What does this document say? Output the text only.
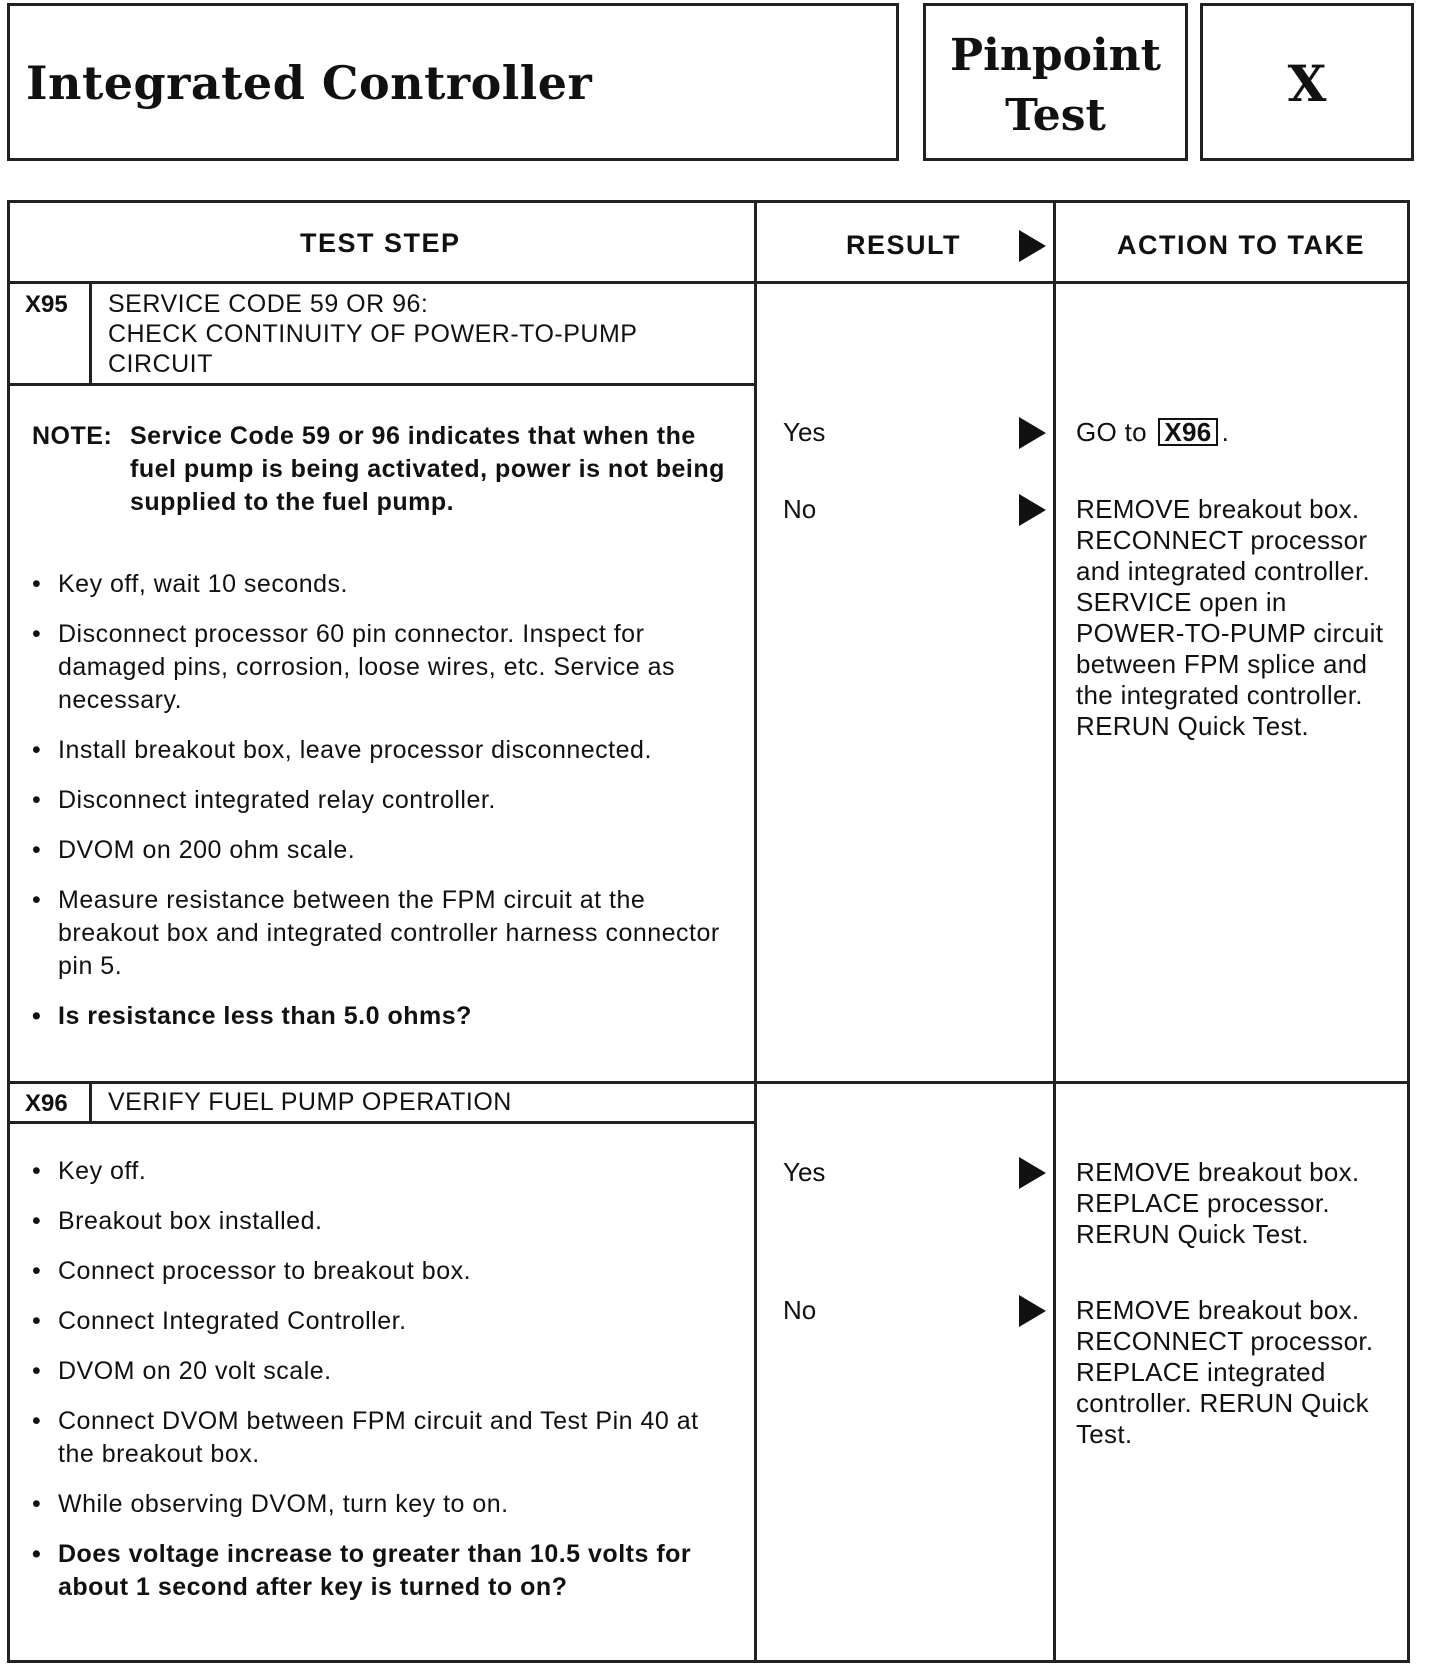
Integrated Controller
Pinpoint
Test
X
TEST STEP	RESULT	ACTION TO TAKE
X95 SERVICE CODE 59 OR 96:
CHECK CONTINUITY OF POWER-TO-PUMP
CIRCUIT
NOTE: Service Code 59 or 96 indicates that when the fuel pump is being activated, power is not being supplied to the fuel pump.
• Key off, wait 10 seconds.
• Disconnect processor 60 pin connector. Inspect for damaged pins, corrosion, loose wires, etc. Service as necessary.
• Install breakout box, leave processor disconnected.
• Disconnect integrated relay controller.
• DVOM on 200 ohm scale.
• Measure resistance between the FPM circuit at the breakout box and integrated controller harness connector pin 5.
• Is resistance less than 5.0 ohms?
Yes	GO to X96 .
No	REMOVE breakout box. RECONNECT processor and integrated controller. SERVICE open in POWER-TO-PUMP circuit between FPM splice and the integrated controller. RERUN Quick Test.
X96 VERIFY FUEL PUMP OPERATION
• Key off.
• Breakout box installed.
• Connect processor to breakout box.
• Connect Integrated Controller.
• DVOM on 20 volt scale.
• Connect DVOM between FPM circuit and Test Pin 40 at the breakout box.
• While observing DVOM, turn key to on.
• Does voltage increase to greater than 10.5 volts for about 1 second after key is turned to on?
Yes	REMOVE breakout box. REPLACE processor. RERUN Quick Test.
No	REMOVE breakout box. RECONNECT processor. REPLACE integrated controller. RERUN Quick Test.
